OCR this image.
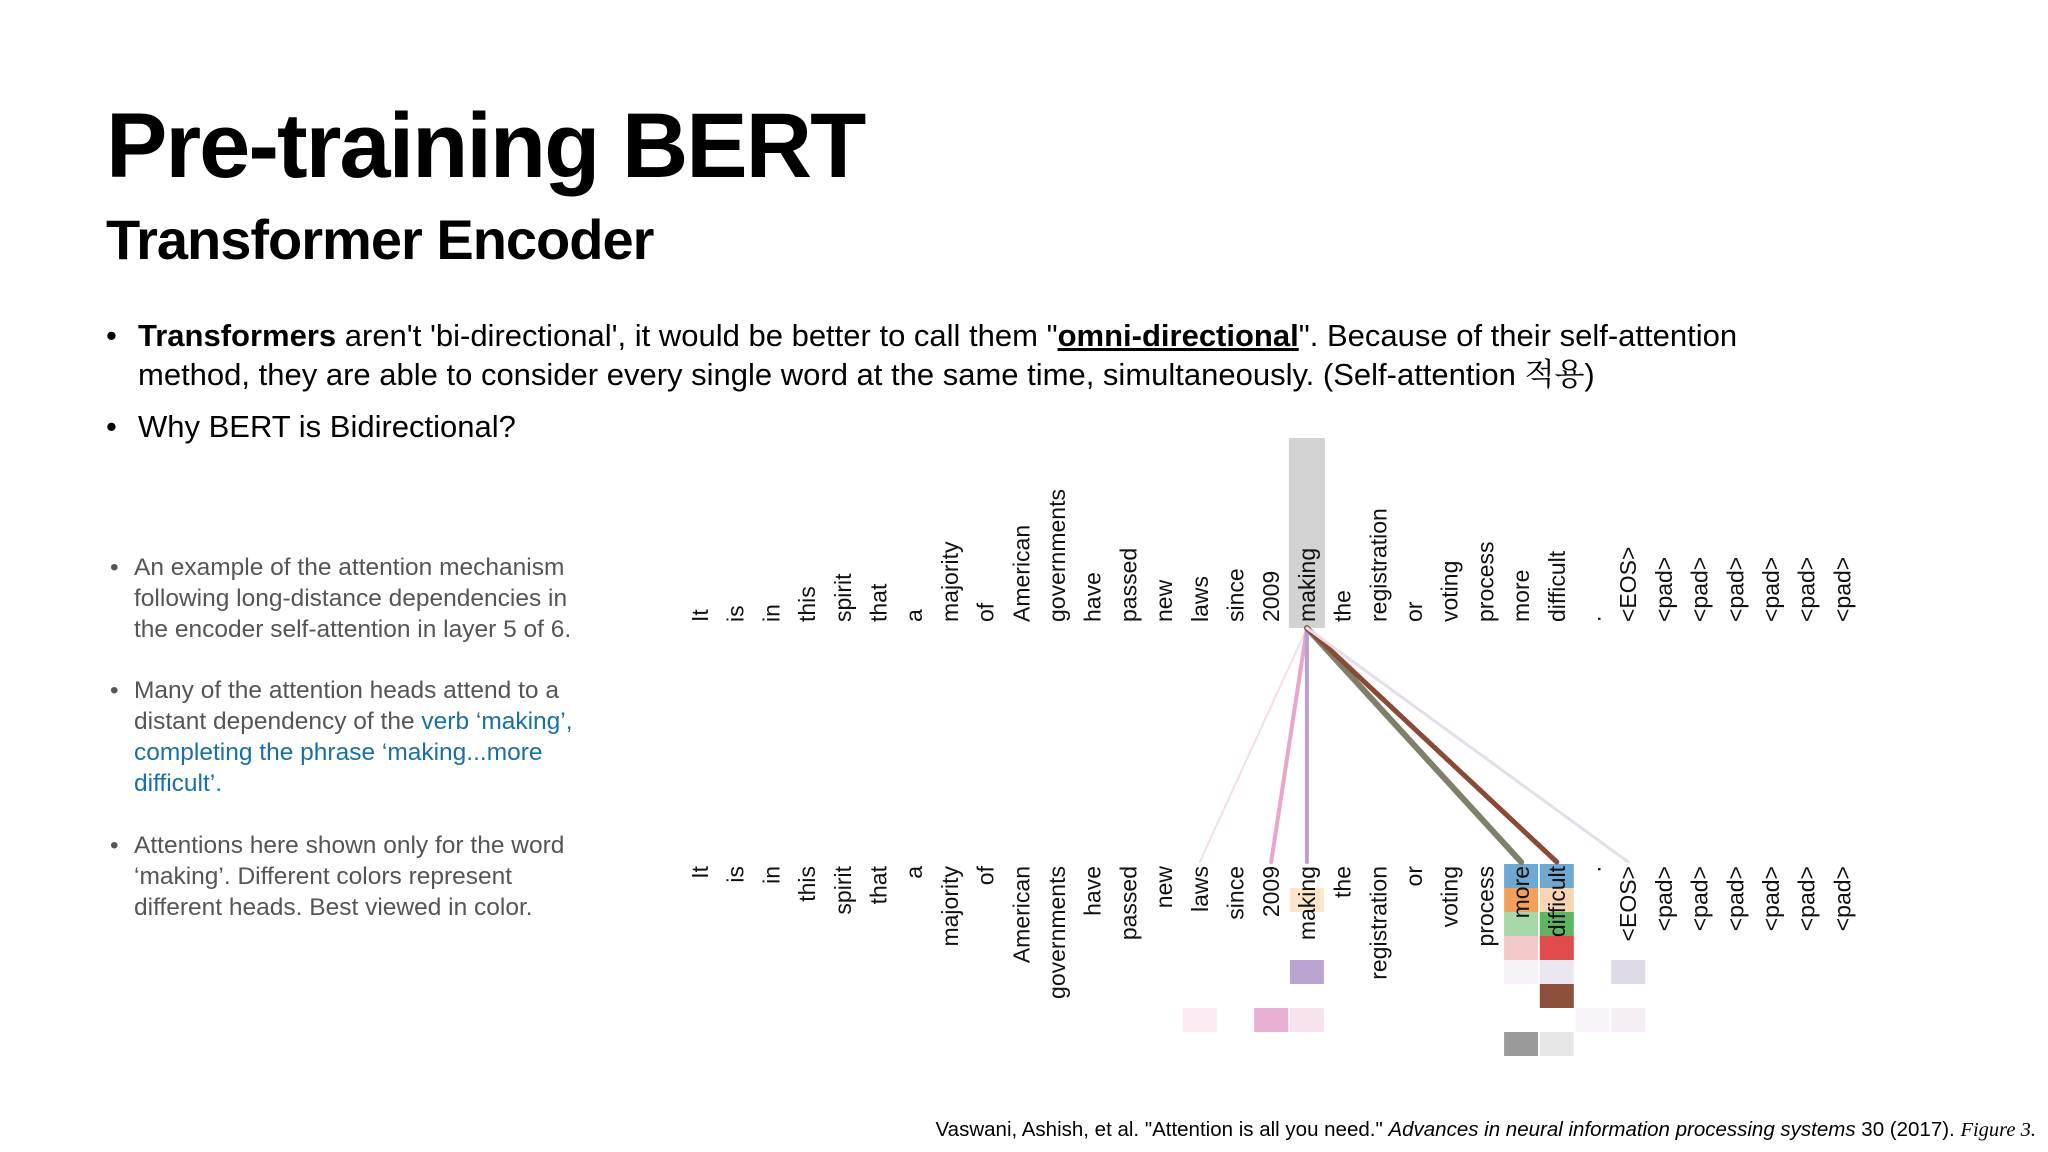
Pre-training BERT
Transformer Encoder
• Transformers aren't 'bi-directional', it would be better to call them "omni-directional". Because of their self-attention
method, they are able to consider every single word at the same time, simultaneously. (Self-attention 적용)
• Why BERT is Bidirectional?
• An example of the attention mechanism
following long-distance dependencies in
the encoder self-attention in layer 5 of 6.
• Many of the attention heads attend to a
distant dependency of the verb ‘making’,
completing the phrase ‘making...more
difficult’.
• Attentions here shown only for the word
‘making’. Different colors represent
different heads. Best viewed in color.
It
It
is
is
in
in
this
this
spirit
spirit
that
that
a
a
majority
majority
of
of
American
American
governments
governments
have
have
passed
passed
new
new
laws
laws
since
since
2009
2009
making
making
the
the
registration
registration
or
or
voting
voting
process
process
more
more
difficult
difficult
.
.
<EOS>
<EOS>
<pad>
<pad>
<pad>
<pad>
<pad>
<pad>
<pad>
<pad>
<pad>
<pad>
<pad>
<pad>
Vaswani, Ashish, et al. "Attention is all you need." Advances in neural information processing systems 30 (2017). Figure 3.
